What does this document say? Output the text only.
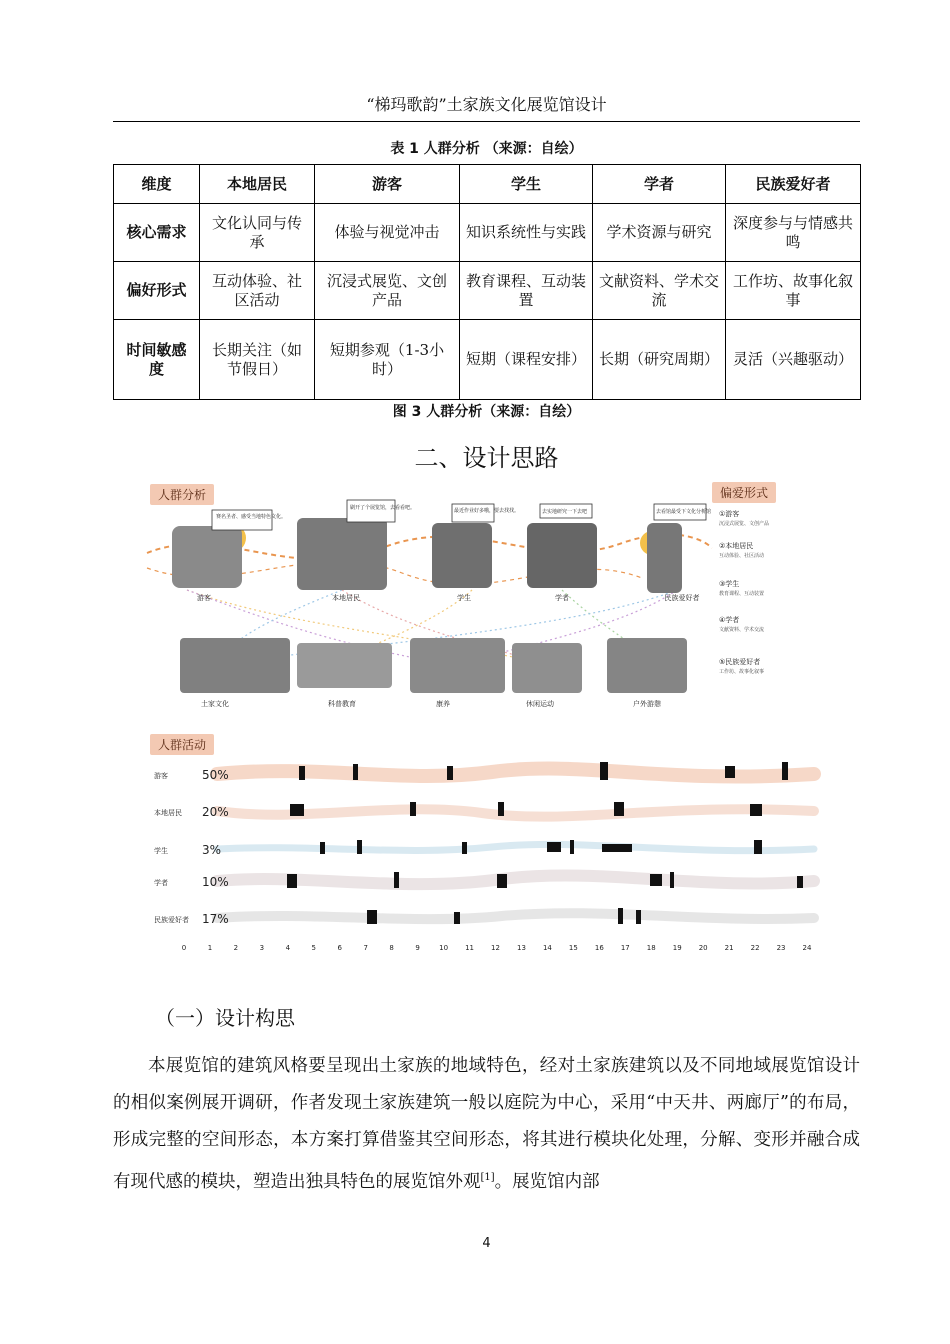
“梯玛歌韵”土家族文化展览馆设计
表 1 人群分析 （来源：自绘）
维度	本地居民	游客	学生	学者	民族爱好者
核心需求	文化认同与传承	体验与视觉冲击	知识系统性与实践	学术资源与研究	深度参与与情感共鸣
偏好形式	互动体验、社区活动	沉浸式展览、文创产品	教育课程、互动装置	文献资料、学术交流	工作坊、故事化叙事
时间敏感度	长期关注（如节假日）	短期参观（1-3小时）	短期（课程安排）	长期（研究周期）	灵活（兴趣驱动）
图 3 人群分析（来源：自绘）
二、设计思路
赛名圣者、感受当地特色文化。
刷开了个展览馆，去看看吧。	最近作业好多哦，要去找找。	去实地研究一下去吧	去看馆最受下文化分析馆
游客	本地居民	学生	学者	民族爱好者
土家文化	科普教育	康养	休闲运动	户外游憩
①游客
沉浸式展览、文创产品
②本地居民
互动体验、社区活动
③学生
教育课程、互动装置
④学者
文献资料、学术交流
⑤民族爱好者
工作坊、故事化叙事
游客	50%
本地居民 20%
学生	3%
学者	10%
民族爱好者 17%
0	1	2	3	4	5	6	7	8	9	10 11 12 13 14 15 16 17 18 19 20 21 22 23 24
人群分析	偏爱形式
人群活动
（一）设计构思
本展览馆的建筑风格要呈现出土家族的地域特色，经对土家族建筑以及不同地域展览馆设计的相似案例展开调研，作者发现土家族建筑一般以庭院为中心，采用“中天井、两廊厅”的布局，形成完整的空间形态，本方案打算借鉴其空间形态，将其进行模块化处理，分解、变形并融合成有现代感的模块，塑造出独具特色的展览馆外观[1]。展览馆内部
4
